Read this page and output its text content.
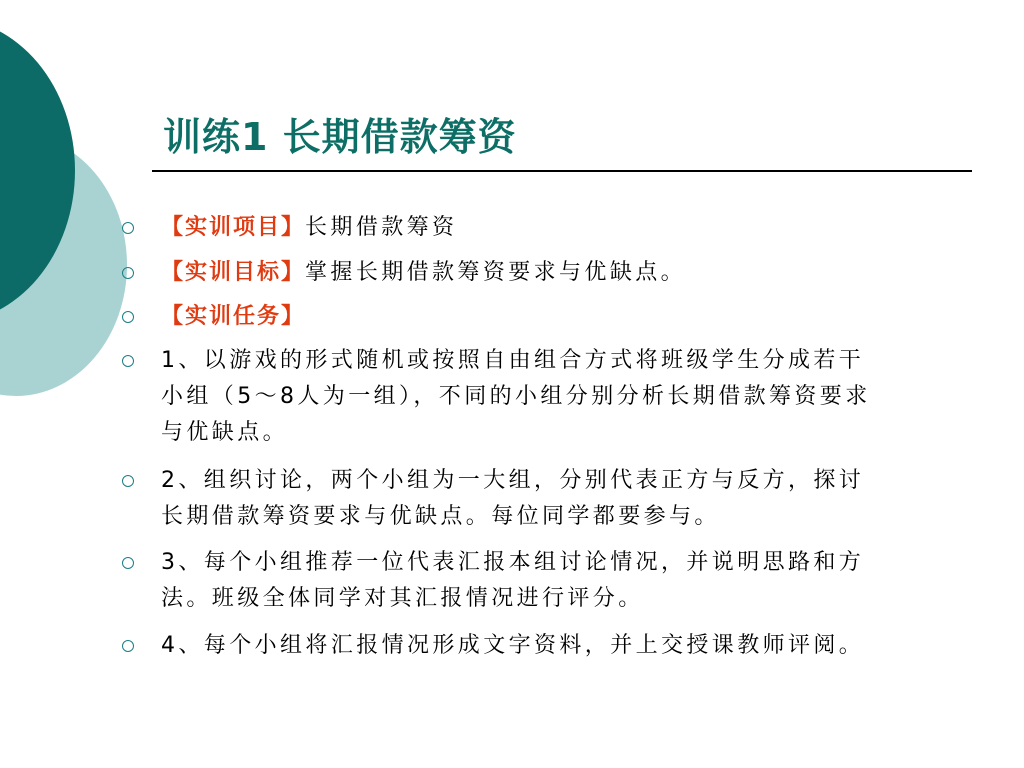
训练1 长期借款筹资
【实训项目】长期借款筹资
【实训目标】掌握长期借款筹资要求与优缺点。
【实训任务】
1、以游戏的形式随机或按照自由组合方式将班级学生分成若干
小组（5～8人为一组），不同的小组分别分析长期借款筹资要求
与优缺点。
2、组织讨论，两个小组为一大组，分别代表正方与反方，探讨
长期借款筹资要求与优缺点。每位同学都要参与。
3、每个小组推荐一位代表汇报本组讨论情况，并说明思路和方
法。班级全体同学对其汇报情况进行评分。
4、每个小组将汇报情况形成文字资料，并上交授课教师评阅。
